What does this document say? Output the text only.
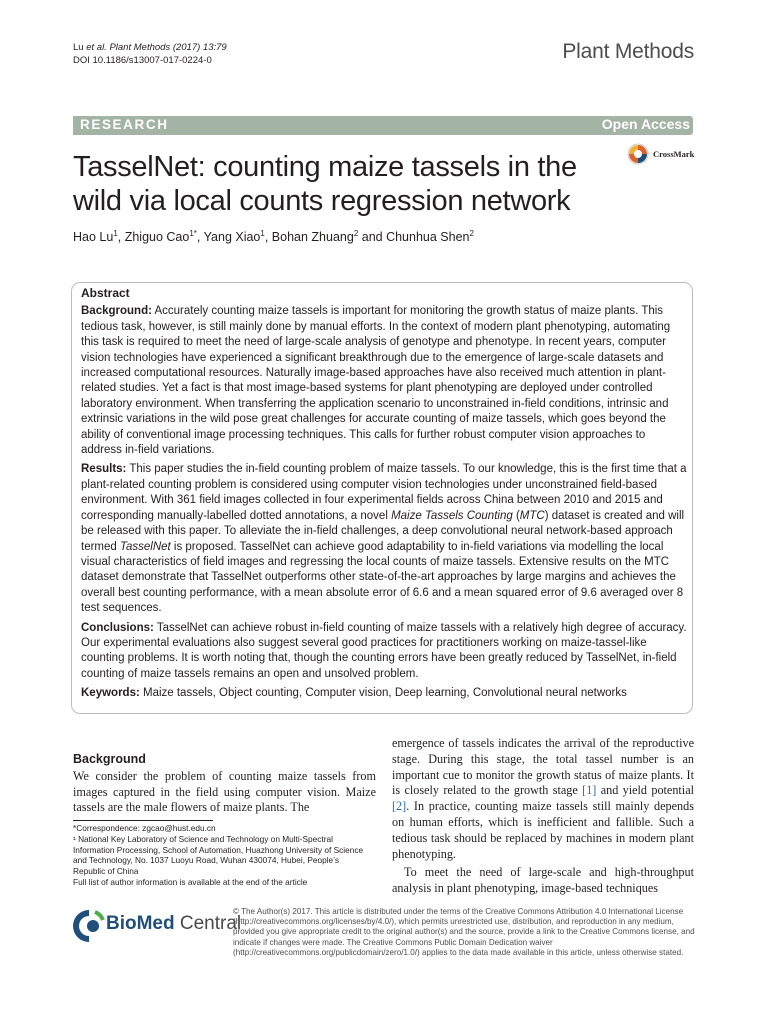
Lu et al. Plant Methods (2017) 13:79
DOI 10.1186/s13007-017-0224-0	Plant Methods
RESEARCH	Open Access
CrossMark
TasselNet: counting maize tassels in the wild via local counts regression network
Hao Lu$^1$, Zhiguo Cao$^{1*}$, Yang Xiao$^1$, Bohan Zhuang$^2$ and Chunhua Shen$^2$
Abstract

Background: Accurately counting maize tassels is important for monitoring the growth status of maize plants. This tedious task, however, is still mainly done by manual efforts. In the context of modern plant phenotyping, automating this task is required to meet the need of large-scale analysis of genotype and phenotype. In recent years, computer vision technologies have experienced a significant breakthrough due to the emergence of large-scale datasets and increased computational resources. Naturally image-based approaches have also received much attention in plant-related studies. Yet a fact is that most image-based systems for plant phenotyping are deployed under controlled laboratory environment. When transferring the application scenario to unconstrained in-field conditions, intrinsic and extrinsic variations in the wild pose great challenges for accurate counting of maize tassels, which goes beyond the ability of conventional image processing techniques. This calls for further robust computer vision approaches to address in-field variations.

Results: This paper studies the in-field counting problem of maize tassels. To our knowledge, this is the first time that a plant-related counting problem is considered using computer vision technologies under unconstrained field-based environment. With 361 field images collected in four experimental fields across China between 2010 and 2015 and corresponding manually-labelled dotted annotations, a novel Maize Tassels Counting (MTC) dataset is created and will be released with this paper. To alleviate the in-field challenges, a deep convolutional neural network-based approach termed TasselNet is proposed. TasselNet can achieve good adaptability to in-field variations via modelling the local visual characteristics of field images and regressing the local counts of maize tassels. Extensive results on the MTC dataset demonstrate that TasselNet outperforms other state-of-the-art approaches by large margins and achieves the overall best counting performance, with a mean absolute error of 6.6 and a mean squared error of 9.6 averaged over 8 test sequences.

Conclusions: TasselNet can achieve robust in-field counting of maize tassels with a relatively high degree of accuracy. Our experimental evaluations also suggest several good practices for practitioners working on maize-tassel-like counting problems. It is worth noting that, though the counting errors have been greatly reduced by TasselNet, in-field counting of maize tassels remains an open and unsolved problem.

Keywords: Maize tassels, Object counting, Computer vision, Deep learning, Convolutional neural networks

Background
We consider the problem of counting maize tassels from images captured in the field using computer vision. Maize tassels are the male flowers of maize plants. The

emergence of tassels indicates the arrival of the reproductive stage. During this stage, the total tassel number is an important cue to monitor the growth status of maize plants. It is closely related to the growth stage [1] and yield potential [2]. In practice, counting maize tassels still mainly depends on human efforts, which is inefficient and fallible. Such a tedious task should be replaced by machines in modern plant phenotyping.

To meet the need of large-scale and high-throughput analysis in plant phenotyping, image-based techniques

*Correspondence: zgcao@hust.edu.cn

¹ National Key Laboratory of Science and Technology on Multi-Spectral Information Processing, School of Automation, Huazhong University of Science and Technology, No. 1037 Luoyu Road, Wuhan 430074, Hubei, People’s Republic of China

Full list of author information is available at the end of the article

BioMed Central
© The Author(s) 2017. This article is distributed under the terms of the Creative Commons Attribution 4.0 International License (http://creativecommons.org/licenses/by/4.0/), which permits unrestricted use, distribution, and reproduction in any medium, provided you give appropriate credit to the original author(s) and the source, provide a link to the Creative Commons license, and indicate if changes were made. The Creative Commons Public Domain Dedication waiver (http://creativecommons.org/publicdomain/zero/1.0/) applies to the data made available in this article, unless otherwise stated.
